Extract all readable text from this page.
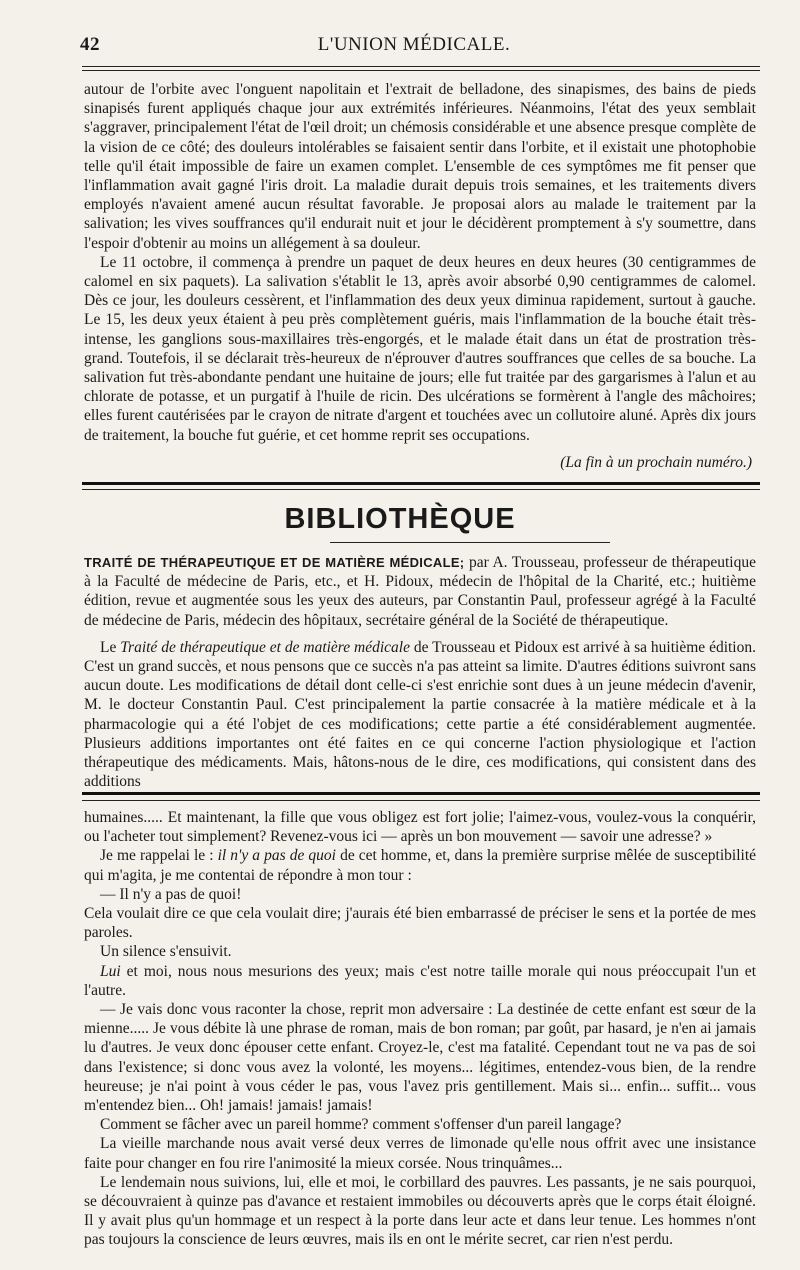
42	L'UNION MÉDICALE.

autour de l'orbite avec l'onguent napolitain et l'extrait de belladone, des sinapismes, des bains de pieds sinapisés furent appliqués chaque jour aux extrémités inférieures. Néanmoins, l'état des yeux semblait s'aggraver, principalement l'état de l'œil droit; un chémosis considérable et une absence presque complète de la vision de ce côté; des douleurs intolérables se faisaient sentir dans l'orbite, et il existait une photophobie telle qu'il était impossible de faire un examen complet. L'ensemble de ces symptômes me fit penser que l'inflammation avait gagné l'iris droit. La maladie durait depuis trois semaines, et les traitements divers employés n'avaient amené aucun résultat favorable. Je proposai alors au malade le traitement par la salivation; les vives souffrances qu'il endurait nuit et jour le décidèrent promptement à s'y soumettre, dans l'espoir d'obtenir au moins un allégement à sa douleur.

Le 11 octobre, il commença à prendre un paquet de deux heures en deux heures (30 centigrammes de calomel en six paquets). La salivation s'établit le 13, après avoir absorbé 0,90 centigrammes de calomel. Dès ce jour, les douleurs cessèrent, et l'inflammation des deux yeux diminua rapidement, surtout à gauche. Le 15, les deux yeux étaient à peu près complètement guéris, mais l'inflammation de la bouche était très-intense, les ganglions sous-maxillaires très-engorgés, et le malade était dans un état de prostration très-grand. Toutefois, il se déclarait très-heureux de n'éprouver d'autres souffrances que celles de sa bouche. La salivation fut très-abondante pendant une huitaine de jours; elle fut traitée par des gargarismes à l'alun et au chlorate de potasse, et un purgatif à l'huile de ricin. Des ulcérations se formèrent à l'angle des mâchoires; elles furent cautérisées par le crayon de nitrate d'argent et touchées avec un collutoire aluné. Après dix jours de traitement, la bouche fut guérie, et cet homme reprit ses occupations.

(La fin à un prochain numéro.)
BIBLIOTHÈQUE

TRAITÉ DE THÉRAPEUTIQUE ET DE MATIÈRE MÉDICALE; par A. Trousseau, professeur de thérapeutique à la Faculté de médecine de Paris, etc., et H. Pidoux, médecin de l'hôpital de la Charité, etc.; huitième édition, revue et augmentée sous les yeux des auteurs, par Constantin Paul, professeur agrégé à la Faculté de médecine de Paris, médecin des hôpitaux, secrétaire général de la Société de thérapeutique.

Le Traité de thérapeutique et de matière médicale de Trousseau et Pidoux est arrivé à sa huitième édition. C'est un grand succès, et nous pensons que ce succès n'a pas atteint sa limite. D'autres éditions suivront sans aucun doute. Les modifications de détail dont celle-ci s'est enrichie sont dues à un jeune médecin d'avenir, M. le docteur Constantin Paul. C'est principalement la partie consacrée à la matière médicale et à la pharmacologie qui a été l'objet de ces modifications; cette partie a été considérablement augmentée. Plusieurs additions importantes ont été faites en ce qui concerne l'action physiologique et l'action thérapeutique des médicaments. Mais, hâtons-nous de le dire, ces modifications, qui consistent dans des additions

humaines..... Et maintenant, la fille que vous obligez est fort jolie; l'aimez-vous, voulez-vous la conquérir, ou l'acheter tout simplement? Revenez-vous ici — après un bon mouvement — savoir une adresse? »

Je me rappelai le : il n'y a pas de quoi de cet homme, et, dans la première surprise mêlée de susceptibilité qui m'agita, je me contentai de répondre à mon tour :

— Il n'y a pas de quoi!

Cela voulait dire ce que cela voulait dire; j'aurais été bien embarrassé de préciser le sens et la portée de mes paroles.

Un silence s'ensuivit.

Lui et moi, nous nous mesurions des yeux; mais c'est notre taille morale qui nous préoccupait l'un et l'autre.

— Je vais donc vous raconter la chose, reprit mon adversaire : La destinée de cette enfant est sœur de la mienne..... Je vous débite là une phrase de roman, mais de bon roman; par goût, par hasard, je n'en ai jamais lu d'autres. Je veux donc épouser cette enfant. Croyez-le, c'est ma fatalité. Cependant tout ne va pas de soi dans l'existence; si donc vous avez la volonté, les moyens... légitimes, entendez-vous bien, de la rendre heureuse; je n'ai point à vous céder le pas, vous l'avez pris gentillement. Mais si... enfin... suffit... vous m'entendez bien... Oh! jamais! jamais! jamais!

Comment se fâcher avec un pareil homme? comment s'offenser d'un pareil langage?

La vieille marchande nous avait versé deux verres de limonade qu'elle nous offrit avec une insistance faite pour changer en fou rire l'animosité la mieux corsée. Nous trinquâmes...

Le lendemain nous suivions, lui, elle et moi, le corbillard des pauvres. Les passants, je ne sais pourquoi, se découvraient à quinze pas d'avance et restaient immobiles ou découverts après que le corps était éloigné. Il y avait plus qu'un hommage et un respect à la porte dans leur acte et dans leur tenue. Les hommes n'ont pas toujours la conscience de leurs œuvres, mais ils en ont le mérite secret, car rien n'est perdu.
